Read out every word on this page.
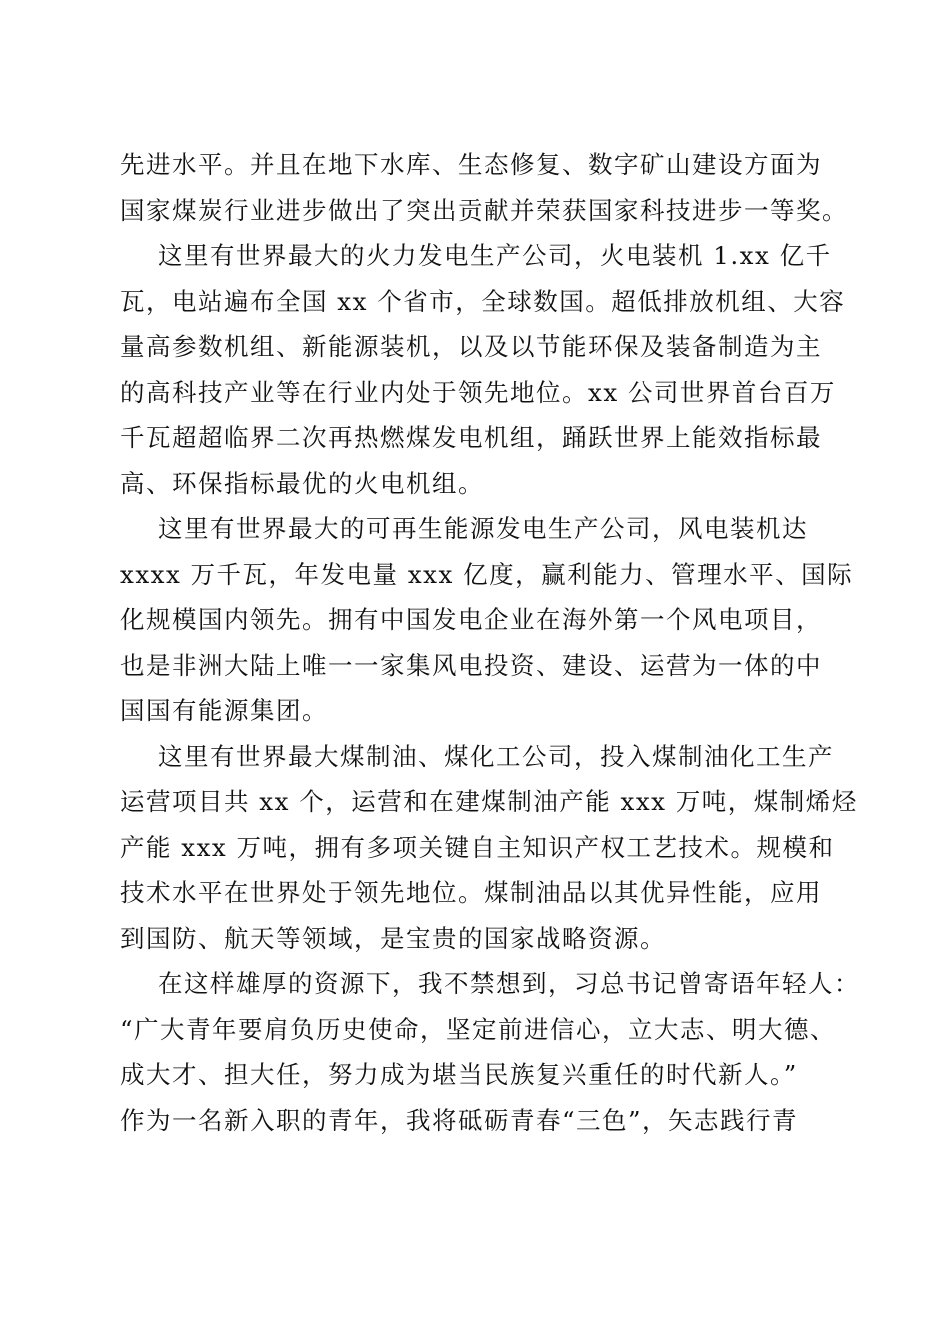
先进水平。并且在地下水库、生态修复、数字矿山建设方面为
国家煤炭行业进步做出了突出贡献并荣获国家科技进步一等奖。
这里有世界最大的火力发电生产公司，火电装机 1.xx 亿千
瓦，电站遍布全国 xx 个省市，全球数国。超低排放机组、大容
量高参数机组、新能源装机，以及以节能环保及装备制造为主
的高科技产业等在行业内处于领先地位。xx 公司世界首台百万
千瓦超超临界二次再热燃煤发电机组，踊跃世界上能效指标最
高、环保指标最优的火电机组。
这里有世界最大的可再生能源发电生产公司，风电装机达
xxxx 万千瓦，年发电量 xxx 亿度，赢利能力、管理水平、国际
化规模国内领先。拥有中国发电企业在海外第一个风电项目，
也是非洲大陆上唯一一家集风电投资、建设、运营为一体的中
国国有能源集团。
这里有世界最大煤制油、煤化工公司，投入煤制油化工生产
运营项目共 xx 个，运营和在建煤制油产能 xxx 万吨，煤制烯烃
产能 xxx 万吨，拥有多项关键自主知识产权工艺技术。规模和
技术水平在世界处于领先地位。煤制油品以其优异性能，应用
到国防、航天等领域，是宝贵的国家战略资源。
在这样雄厚的资源下，我不禁想到，习总书记曾寄语年轻人：
“广大青年要肩负历史使命，坚定前进信心，立大志、明大德、
成大才、担大任，努力成为堪当民族复兴重任的时代新人。”
作为一名新入职的青年，我将砥砺青春“三色”，矢志践行青
